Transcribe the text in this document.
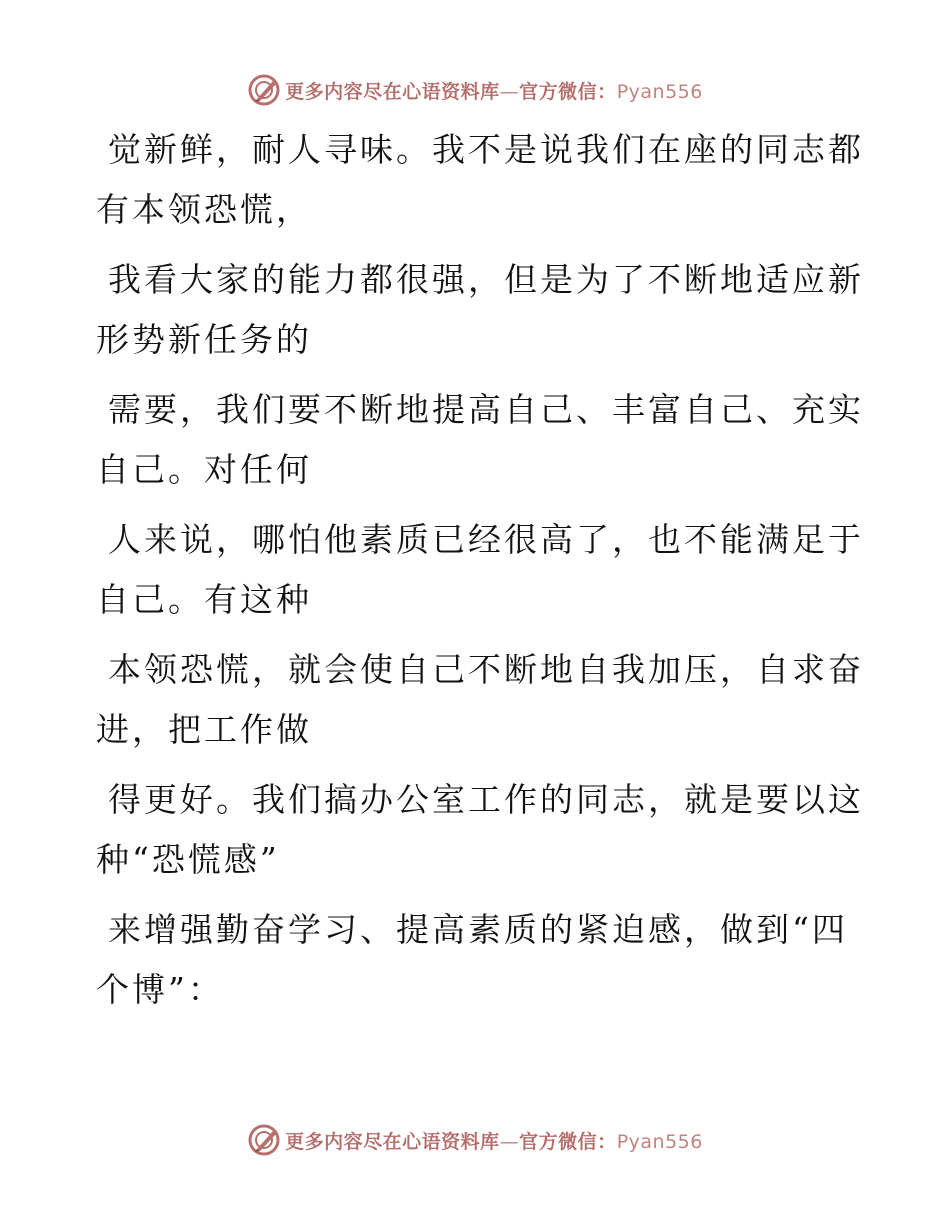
更多内容尽在心语资料库—官方微信：Pyan556

觉新鲜，耐人寻味。我不是说我们在座的同志都
有本领恐慌，

我看大家的能力都很强，但是为了不断地适应新
形势新任务的

需要，我们要不断地提高自己、丰富自己、充实
自己。对任何

人来说，哪怕他素质已经很高了，也不能满足于
自己。有这种

本领恐慌，就会使自己不断地自我加压，自求奋
进，把工作做

得更好。我们搞办公室工作的同志，就是要以这
种“恐慌感”

来增强勤奋学习、提高素质的紧迫感，做到“四
个博”：

更多内容尽在心语资料库—官方微信：Pyan556
